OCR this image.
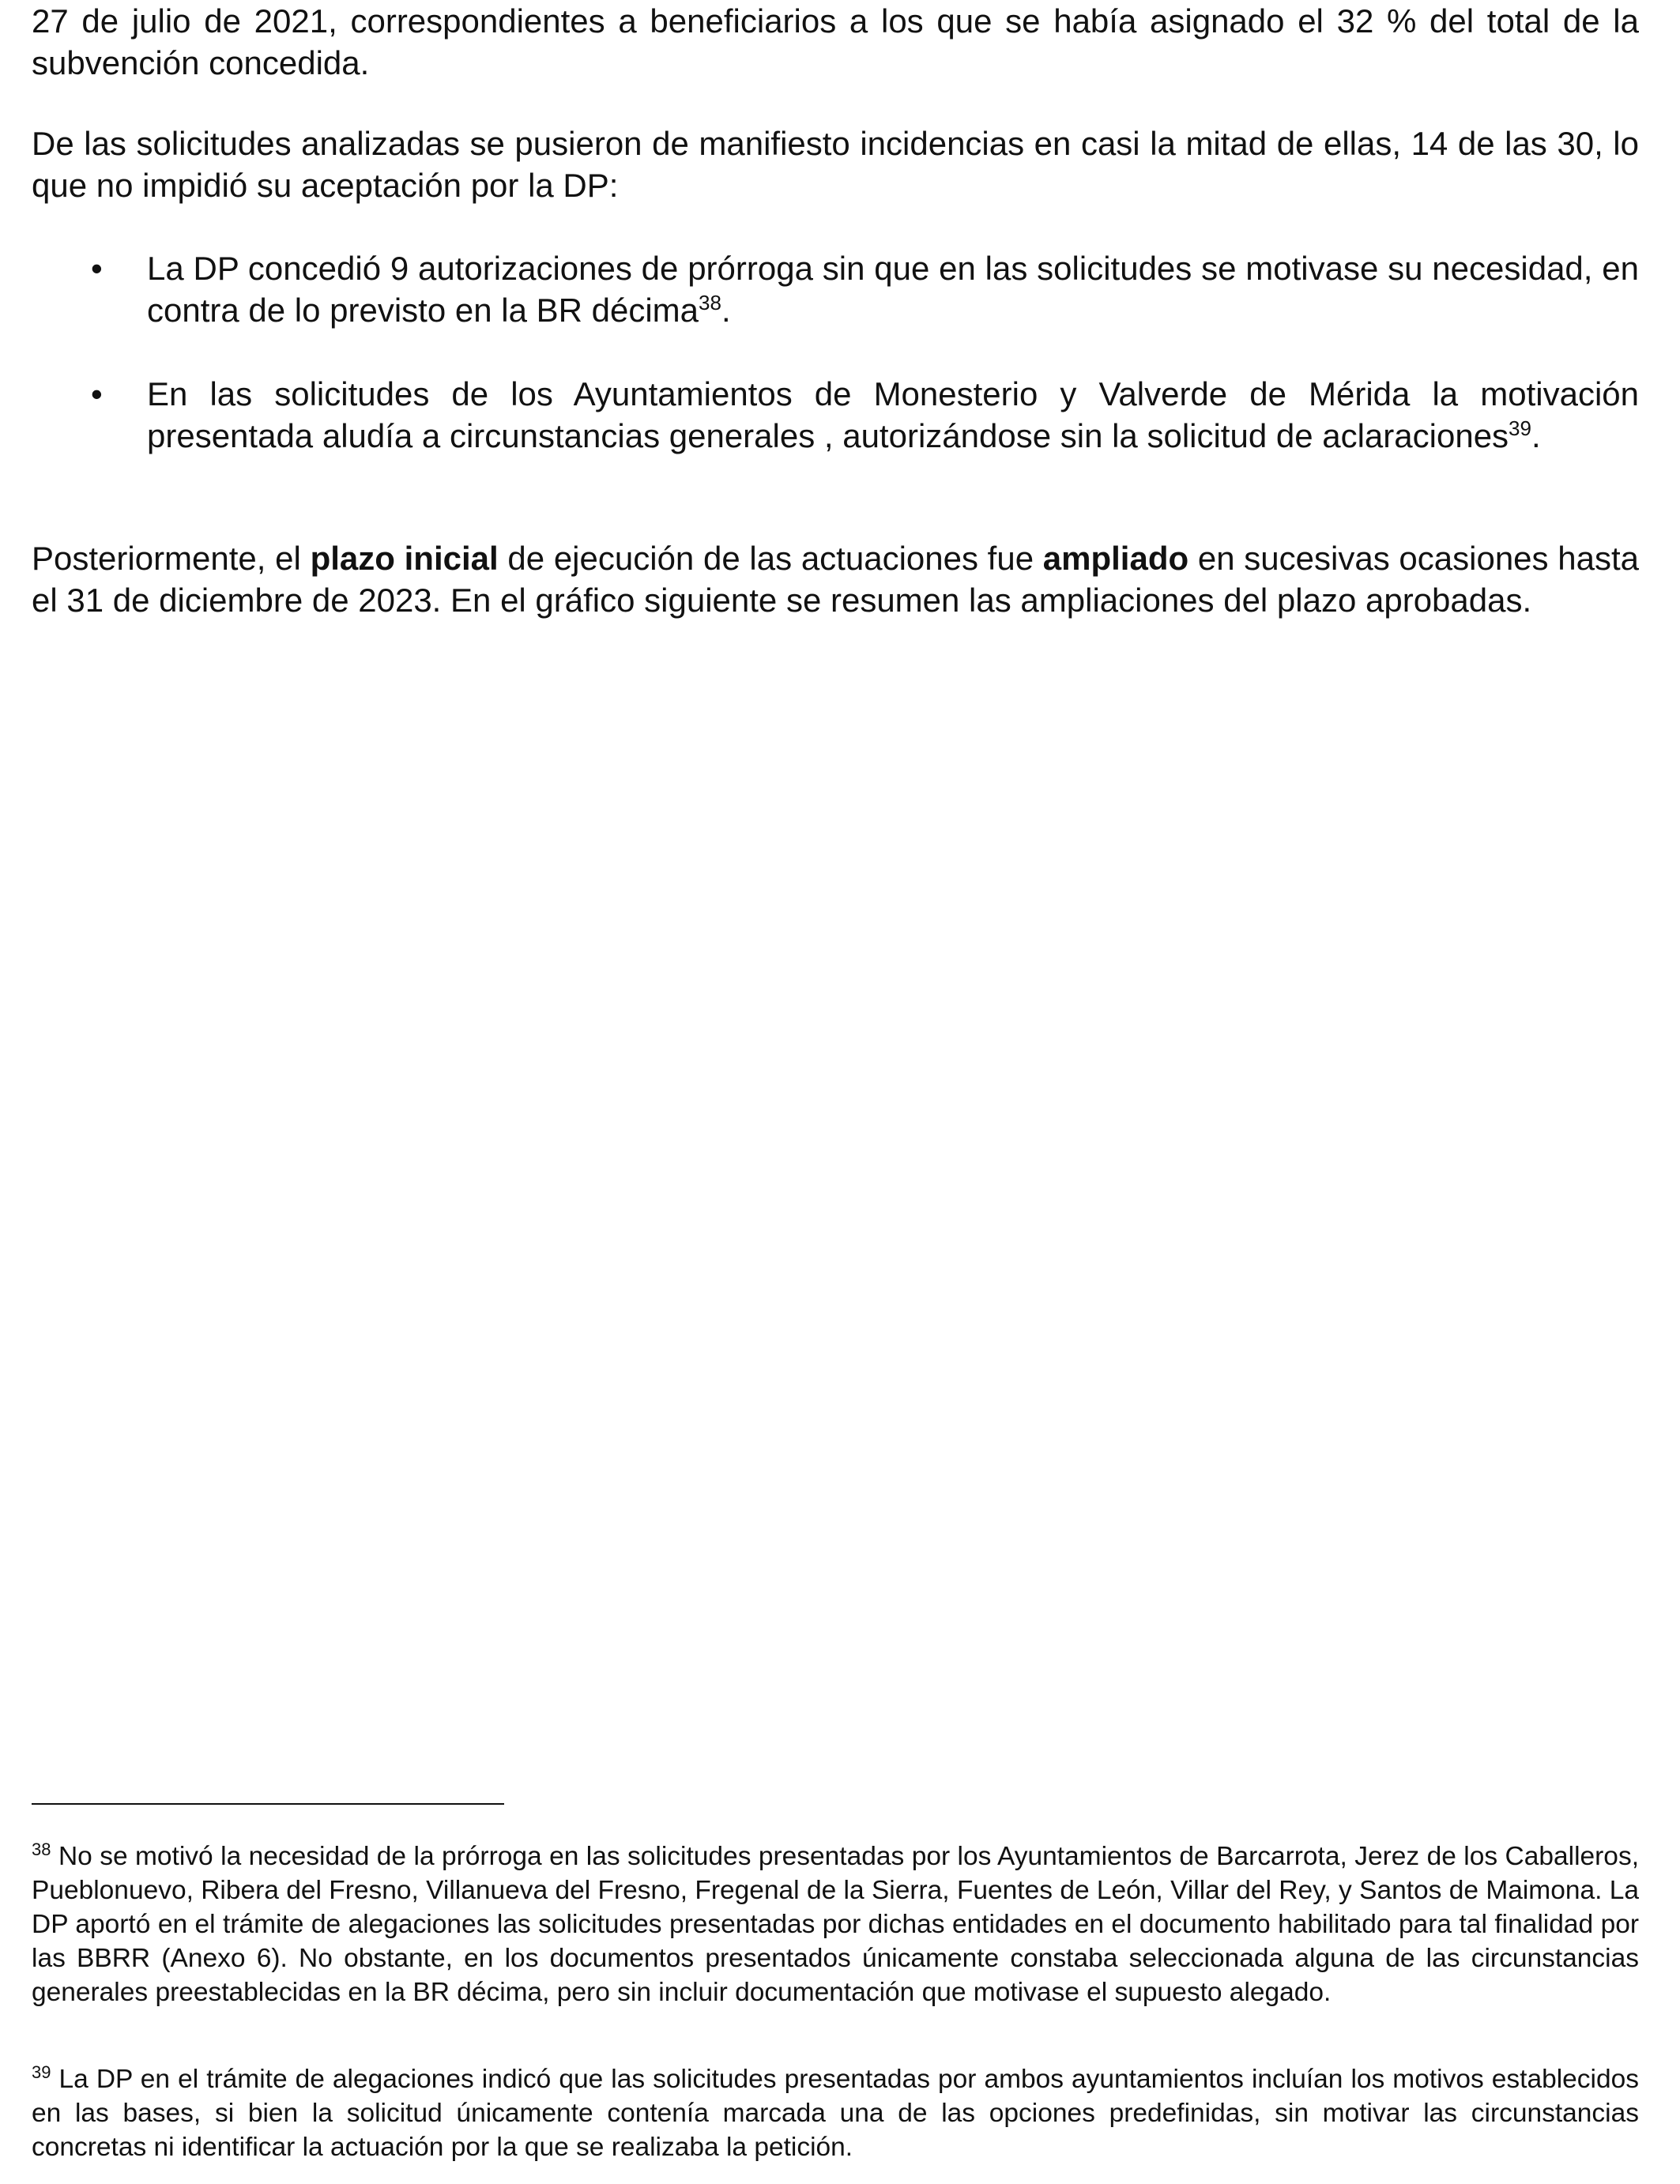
27 de julio de 2021, correspondientes a beneficiarios a los que se había asignado el 32 % del total de la subvención concedida.

De las solicitudes analizadas se pusieron de manifiesto incidencias en casi la mitad de ellas, 14 de las 30, lo que no impidió su aceptación por la DP:

• La DP concedió 9 autorizaciones de prórroga sin que en las solicitudes se motivase su necesidad, en contra de lo previsto en la BR décima$^{38}$.
• En las solicitudes de los Ayuntamientos de Monesterio y Valverde de Mérida la motivación presentada aludía a circunstancias generales , autorizándose sin la solicitud de aclaraciones$^{39}$.

Posteriormente, el plazo inicial de ejecución de las actuaciones fue ampliado en sucesivas ocasiones hasta el 31 de diciembre de 2023. En el gráfico siguiente se resumen las ampliaciones del plazo aprobadas.

$^{38}$ No se motivó la necesidad de la prórroga en las solicitudes presentadas por los Ayuntamientos de Barcarrota, Jerez de los Caballeros, Pueblonuevo, Ribera del Fresno, Villanueva del Fresno, Fregenal de la Sierra, Fuentes de León, Villar del Rey, y Santos de Maimona. La DP aportó en el trámite de alegaciones las solicitudes presentadas por dichas entidades en el documento habilitado para tal finalidad por las BBRR (Anexo 6). No obstante, en los documentos presentados únicamente constaba seleccionada alguna de las circunstancias generales preestablecidas en la BR décima, pero sin incluir documentación que motivase el supuesto alegado.

$^{39}$ La DP en el trámite de alegaciones indicó que las solicitudes presentadas por ambos ayuntamientos incluían los motivos establecidos en las bases, si bien la solicitud únicamente contenía marcada una de las opciones predefinidas, sin motivar las circunstancias concretas ni identificar la actuación por la que se realizaba la petición.
